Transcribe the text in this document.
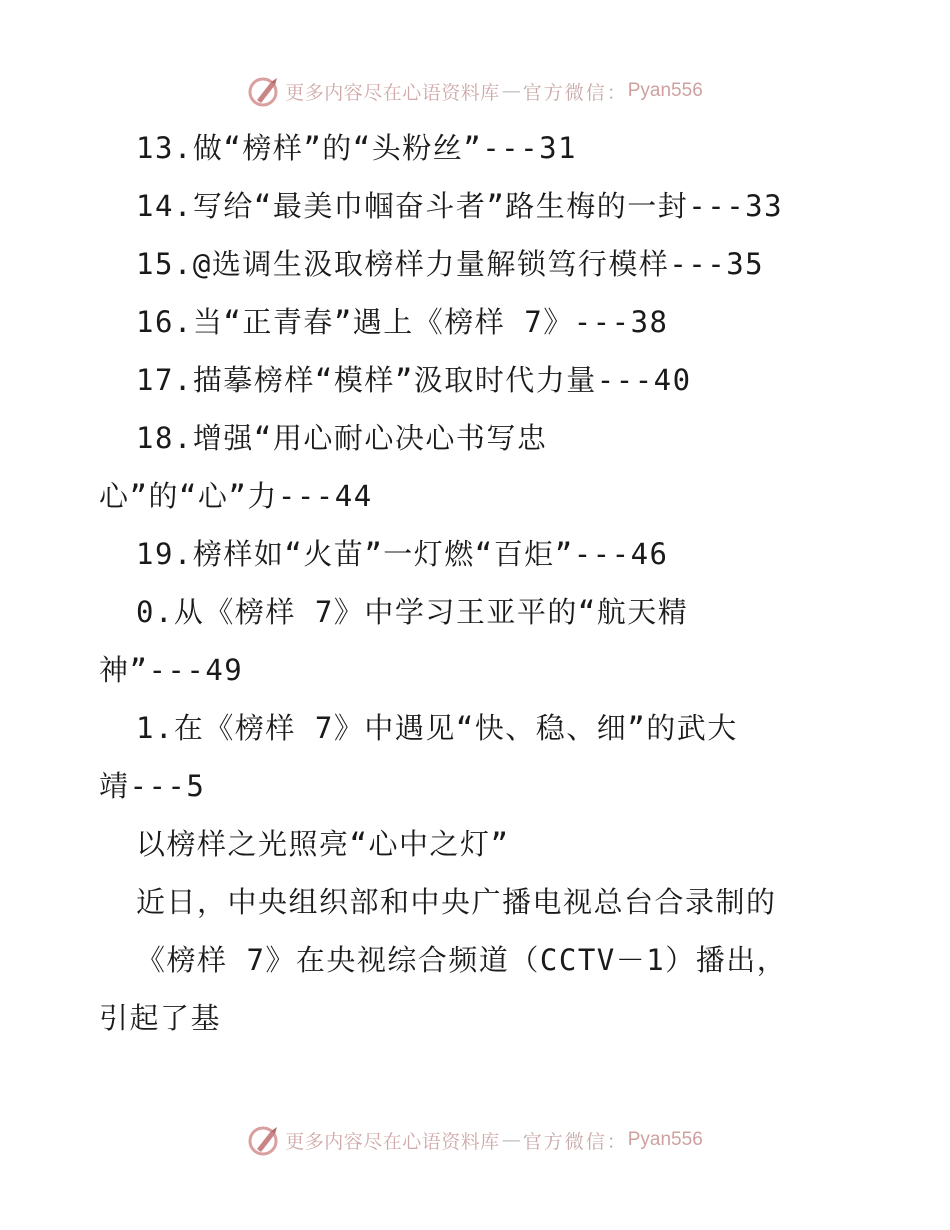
更多内容尽在心语资料库 — 官方微信： Pyan556
13.做“榜样”的“头粉丝”---31
14.写给“最美巾帼奋斗者”路生梅的一封---33
15.@选调生汲取榜样力量解锁笃行模样---35
16.当“正青春”遇上《榜样 7》---38
17.描摹榜样“模样”汲取时代力量---40
18.增强“用心耐心决心书写忠
心”的“心”力---44
19.榜样如“火苗”一灯燃“百炬”---46
0.从《榜样 7》中学习王亚平的“航天精
神”---49
1.在《榜样 7》中遇见“快、稳、细”的武大
靖---5
以榜样之光照亮“心中之灯”
近日，中央组织部和中央广播电视总台合录制的
《榜样 7》在央视综合频道（CCTV－1）播出，
引起了基
更多内容尽在心语资料库 — 官方微信： Pyan556
